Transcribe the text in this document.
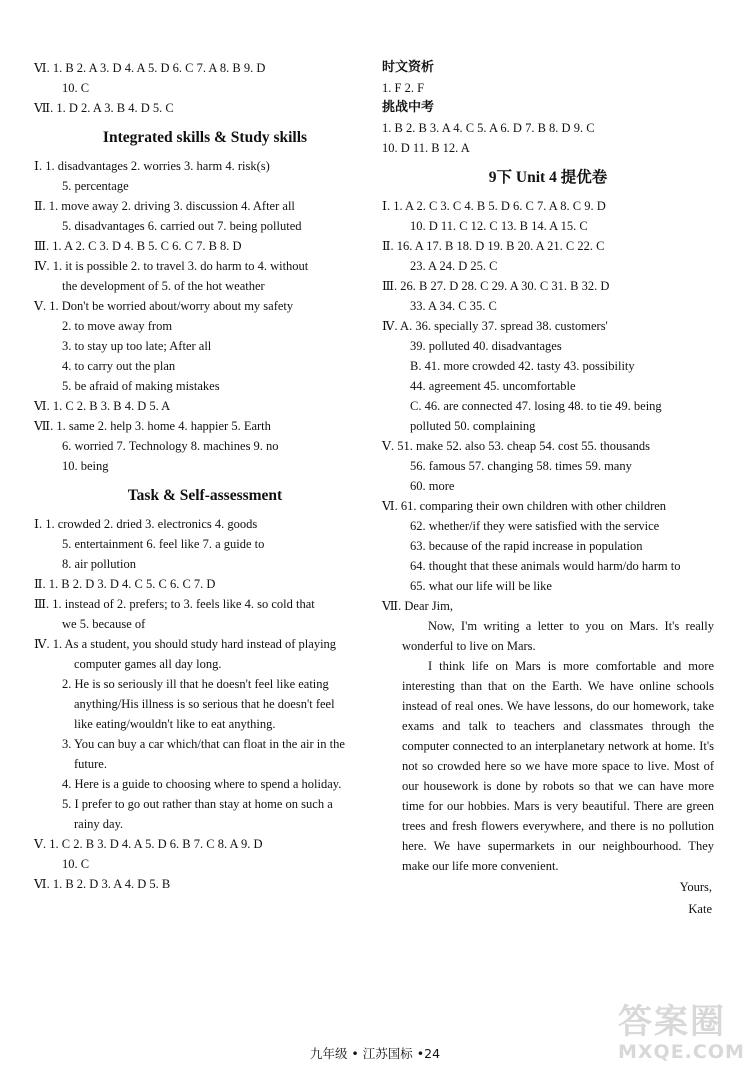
Ⅵ. 1. B 2. A 3. D 4. A 5. D 6. C 7. A 8. B 9. D
10. C
Ⅶ. 1. D 2. A 3. B 4. D 5. C
Integrated skills & Study skills
Ⅰ. 1. disadvantages 2. worries 3. harm 4. risk(s)
5. percentage
Ⅱ. 1. move away 2. driving 3. discussion 4. After all
5. disadvantages 6. carried out 7. being polluted
Ⅲ. 1. A 2. C 3. D 4. B 5. C 6. C 7. B 8. D
Ⅳ. 1. it is possible 2. to travel 3. do harm to 4. without
the development of 5. of the hot weather
Ⅴ. 1. Don't be worried about/worry about my safety
2. to move away from
3. to stay up too late; After all
4. to carry out the plan
5. be afraid of making mistakes
Ⅵ. 1. C 2. B 3. B 4. D 5. A
Ⅶ. 1. same 2. help 3. home 4. happier 5. Earth
6. worried 7. Technology 8. machines 9. no
10. being
Task & Self-assessment
Ⅰ. 1. crowded 2. dried 3. electronics 4. goods
5. entertainment 6. feel like 7. a guide to
8. air pollution
Ⅱ. 1. B 2. D 3. D 4. C 5. C 6. C 7. D
Ⅲ. 1. instead of 2. prefers; to 3. feels like 4. so cold that
we 5. because of
Ⅳ. 1. As a student, you should study hard instead of playing
computer games all day long.
2. He is so seriously ill that he doesn't feel like eating
anything/His illness is so serious that he doesn't feel
like eating/wouldn't like to eat anything.
3. You can buy a car which/that can float in the air in the
future.
4. Here is a guide to choosing where to spend a holiday.
5. I prefer to go out rather than stay at home on such a
rainy day.
Ⅴ. 1. C 2. B 3. D 4. A 5. D 6. B 7. C 8. A 9. D
10. C
Ⅵ. 1. B 2. D 3. A 4. D 5. B
时文资析
1. F 2. F
挑战中考
1. B 2. B 3. A 4. C 5. A 6. D 7. B 8. D 9. C
10. D 11. B 12. A
9下 Unit 4 提优卷
Ⅰ. 1. A 2. C 3. C 4. B 5. D 6. C 7. A 8. C 9. D
10. D 11. C 12. C 13. B 14. A 15. C
Ⅱ. 16. A 17. B 18. D 19. B 20. A 21. C 22. C
23. A 24. D 25. C
Ⅲ. 26. B 27. D 28. C 29. A 30. C 31. B 32. D
33. A 34. C 35. C
Ⅳ. A. 36. specially 37. spread 38. customers'
39. polluted 40. disadvantages
B. 41. more crowded 42. tasty 43. possibility
44. agreement 45. uncomfortable
C. 46. are connected 47. losing 48. to tie 49. being
polluted 50. complaining
Ⅴ. 51. make 52. also 53. cheap 54. cost 55. thousands
56. famous 57. changing 58. times 59. many
60. more
Ⅵ. 61. comparing their own children with other children
62. whether/if they were satisfied with the service
63. because of the rapid increase in population
64. thought that these animals would harm/do harm to
65. what our life will be like
Ⅶ. Dear Jim,
Now, I'm writing a letter to you on Mars. It's really wonderful to live on Mars.
I think life on Mars is more comfortable and more interesting than that on the Earth. We have online schools instead of real ones. We have lessons, do our homework, take exams and talk to teachers and classmates through the computer connected to an interplanetary network at home. It's not so crowded here so we have more space to live. Most of our housework is done by robots so that we can have more time for our hobbies. Mars is very beautiful. There are green trees and fresh flowers everywhere, and there is no pollution here. We have supermarkets in our neighbourhood. They make our life more convenient.
Yours,
Kate
九年级 • 江苏国标 •24
答案圈
MXQE.COM
